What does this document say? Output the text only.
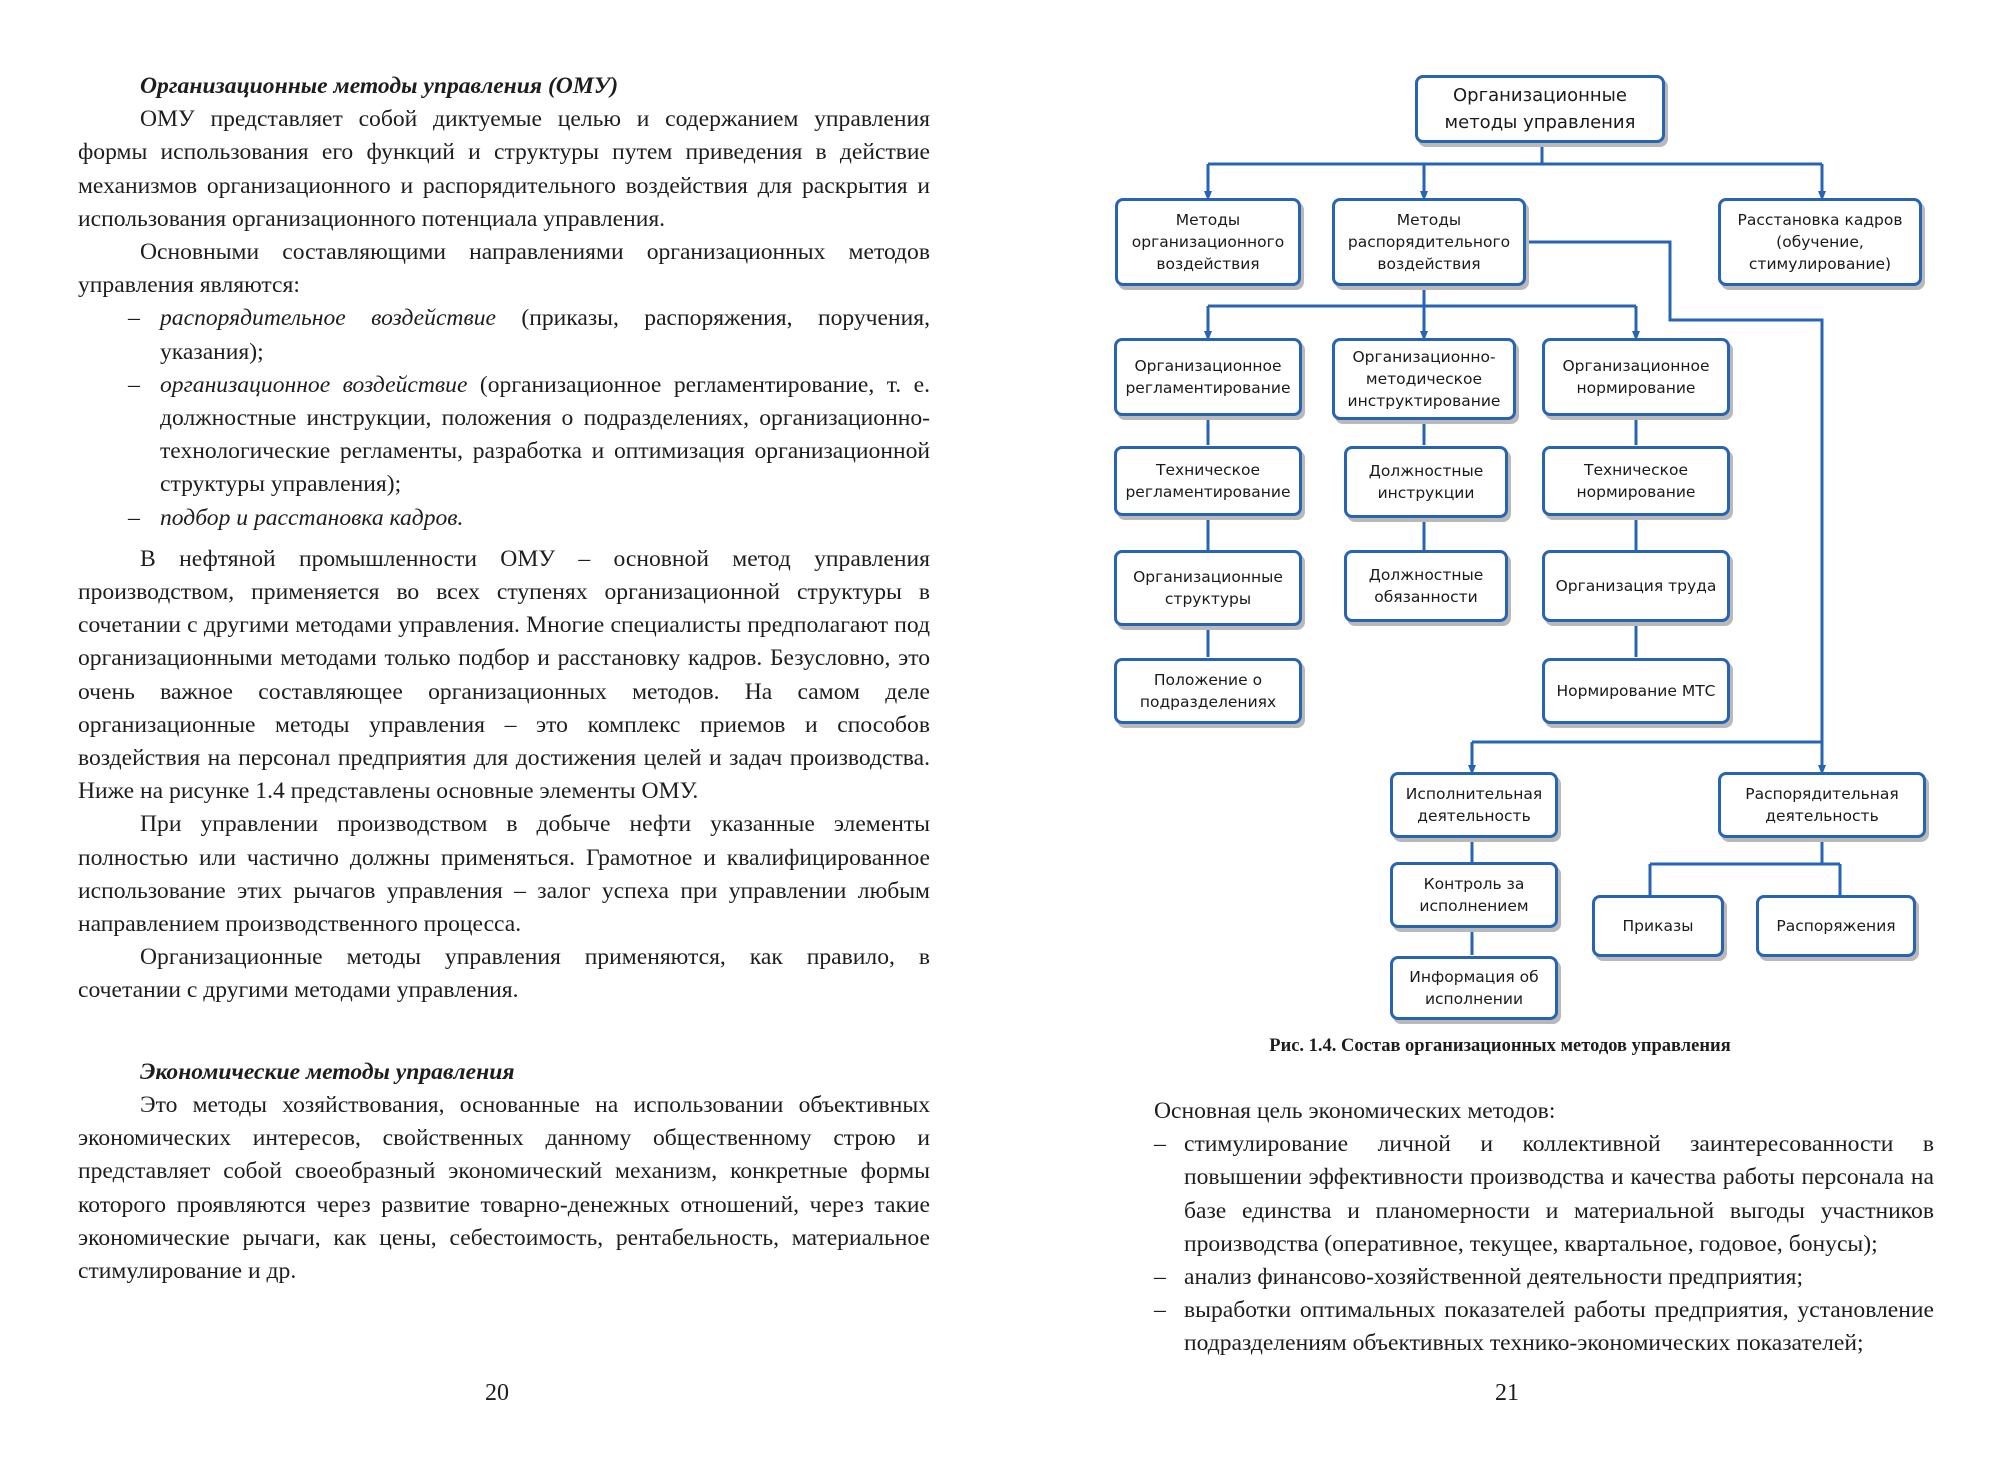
Организационные методы управления (ОМУ)

ОМУ представляет собой диктуемые целью и содержанием управления формы использования его функций и структуры путем приведения в действие механизмов организационного и распорядительного воздействия для раскрытия и использования организационного потенциала управления.

Основными составляющими направлениями организационных методов управления являются:

– распорядительное воздействие (приказы, распоряжения, поручения, указания);
– организационное воздействие (организационное регламентирование, т. е. должностные инструкции, положения о подразделениях, организационно-технологические регламенты, разработка и оптимизация организационной структуры управления);
– подбор и расстановка кадров.

В нефтяной промышленности ОМУ – основной метод управления производством, применяется во всех ступенях организационной структуры в сочетании с другими методами управления. Многие специалисты предполагают под организационными методами только подбор и расстановку кадров. Безусловно, это очень важное составляющее организационных методов. На самом деле организационные методы управления – это комплекс приемов и способов воздействия на персонал предприятия для достижения целей и задач производства. Ниже на рисунке 1.4 представлены основные элементы ОМУ.

При управлении производством в добыче нефти указанные элементы полностью или частично должны применяться. Грамотное и квалифицированное использование этих рычагов управления – залог успеха при управлении любым направлением производственного процесса.

Организационные методы управления применяются, как правило, в сочетании с другими методами управления.

Экономические методы управления

Это методы хозяйствования, основанные на использовании объективных экономических интересов, свойственных данному общественному строю и представляет собой своеобразный экономический механизм, конкретные формы которого проявляются через развитие товарно-денежных отношений, через такие экономические рычаги, как цены, себестоимость, рентабельность, материальное стимулирование и др.

20
Организационные
методы управления
Методы
организационного
воздействия
Методы
распорядительного
воздействия
Расстановка кадров
(обучение,
стимулирование)
Организационное
регламентирование
Организационно-
методическое
инструктирование
Организационное
нормирование
Техническое
регламентирование
Должностные
инструкции
Техническое
нормирование
Организационные
структуры
Должностные
обязанности
Организация труда
Положение о
подразделениях
Нормирование МТС
Исполнительная
деятельность
Распорядительная
деятельность
Контроль за
исполнением
Приказы	Распоряжения
Информация об
исполнении
Рис. 1.4. Состав организационных методов управления

Основная цель экономических методов:

– стимулирование личной и коллективной заинтересованности в повышении эффективности производства и качества работы персонала на базе единства и планомерности и материальной выгоды участников производства (оперативное, текущее, квартальное, годовое, бонусы);
– анализ финансово-хозяйственной деятельности предприятия;
– выработки оптимальных показателей работы предприятия, установление подразделениям объективных технико-экономических показателей;
21
